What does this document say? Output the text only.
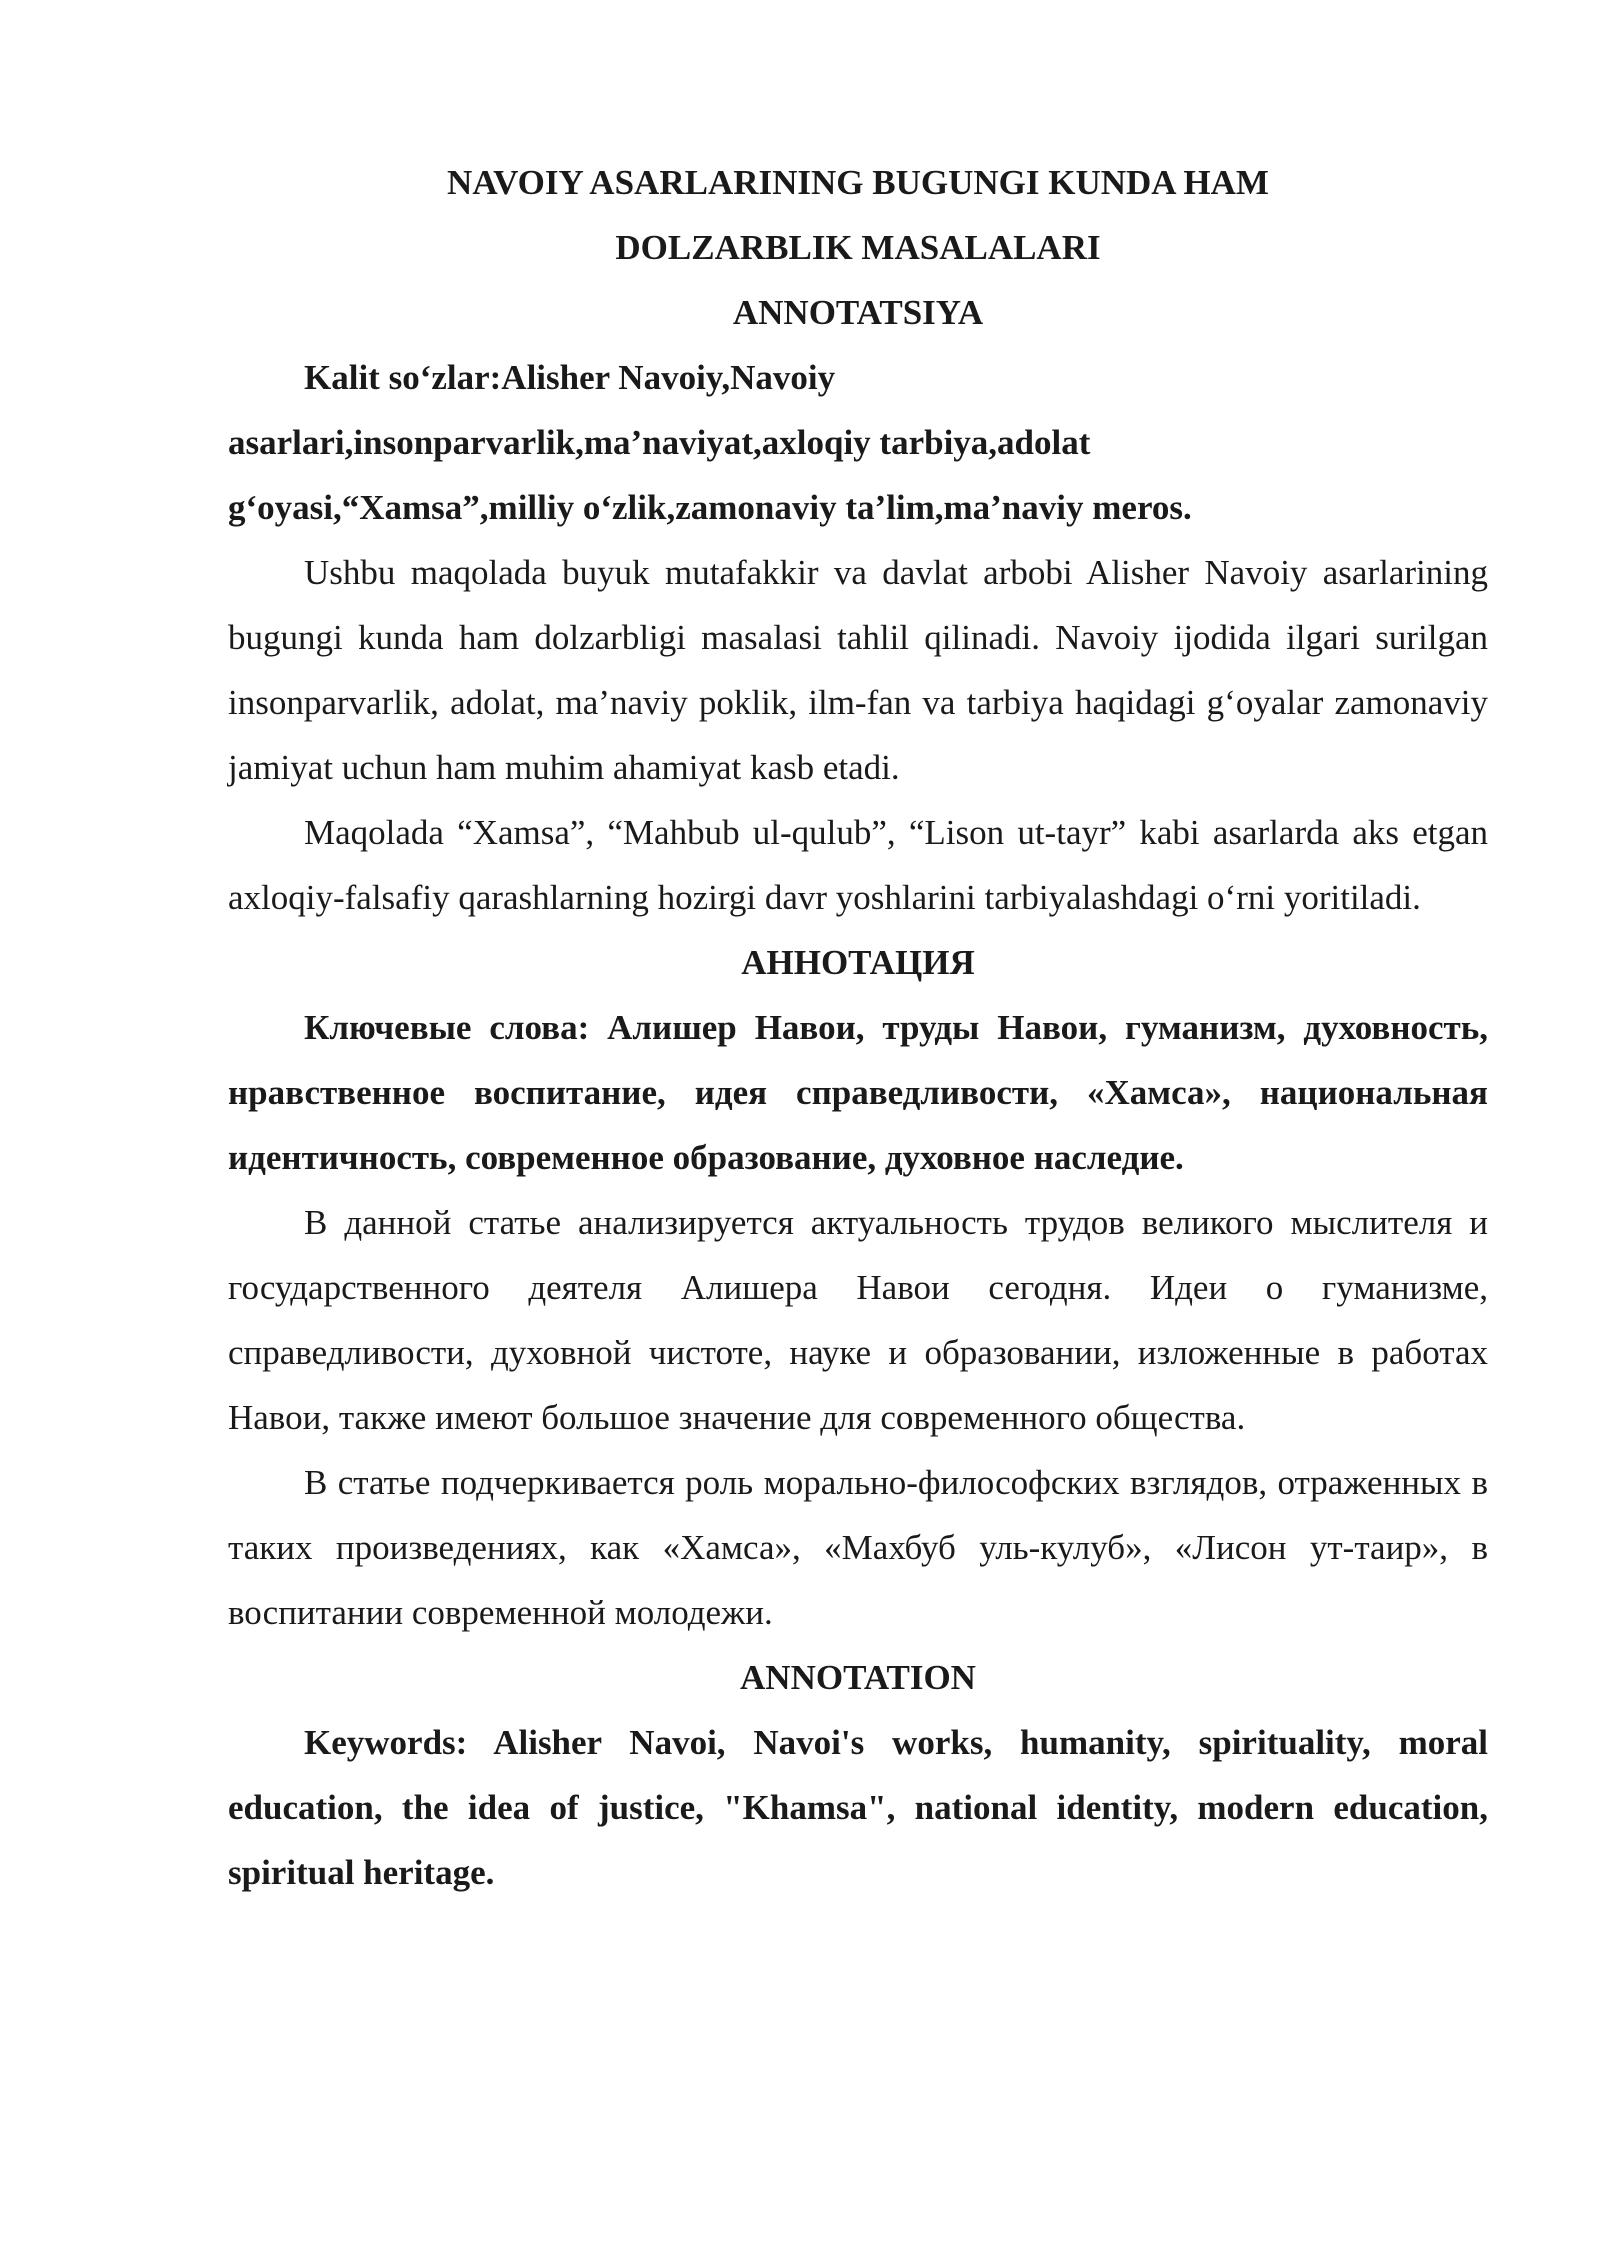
NAVOIY ASARLARINING BUGUNGI KUNDA HAM
DOLZARBLIK MASALALARI
ANNOTATSIYA
Kalit so‘zlar:Alisher Navoiy,Navoiy
asarlari,insonparvarlik,ma’naviyat,axloqiy tarbiya,adolat
g‘oyasi,“Xamsa”,milliy o‘zlik,zamonaviy ta’lim,ma’naviy meros.

Ushbu maqolada buyuk mutafakkir va davlat arbobi Alisher Navoiy asarlarining bugungi kunda ham dolzarbligi masalasi tahlil qilinadi. Navoiy ijodida ilgari surilgan insonparvarlik, adolat, ma’naviy poklik, ilm-fan va tarbiya haqidagi g‘oyalar zamonaviy jamiyat uchun ham muhim ahamiyat kasb etadi.

Maqolada “Xamsa”, “Mahbub ul-qulub”, “Lison ut-tayr” kabi asarlarda aks etgan axloqiy-falsafiy qarashlarning hozirgi davr yoshlarini tarbiyalashdagi o‘rni yoritiladi.

АННОТАЦИЯ

Ключевые слова: Алишер Навои, труды Навои, гуманизм, духовность, нравственное воспитание, идея справедливости, «Хамса», национальная идентичность, современное образование, духовное наследие.

В данной статье анализируется актуальность трудов великого мыслителя и государственного деятеля Алишера Навои сегодня. Идеи о гуманизме, справедливости, духовной чистоте, науке и образовании, изложенные в работах Навои, также имеют большое значение для современного общества.

В статье подчеркивается роль морально-философских взглядов, отраженных в таких произведениях, как «Хамса», «Махбуб уль-кулуб», «Лисон ут-таир», в воспитании современной молодежи.

ANNOTATION

Keywords: Alisher Navoi, Navoi's works, humanity, spirituality, moral education, the idea of justice, "Khamsa", national identity, modern education, spiritual heritage.
